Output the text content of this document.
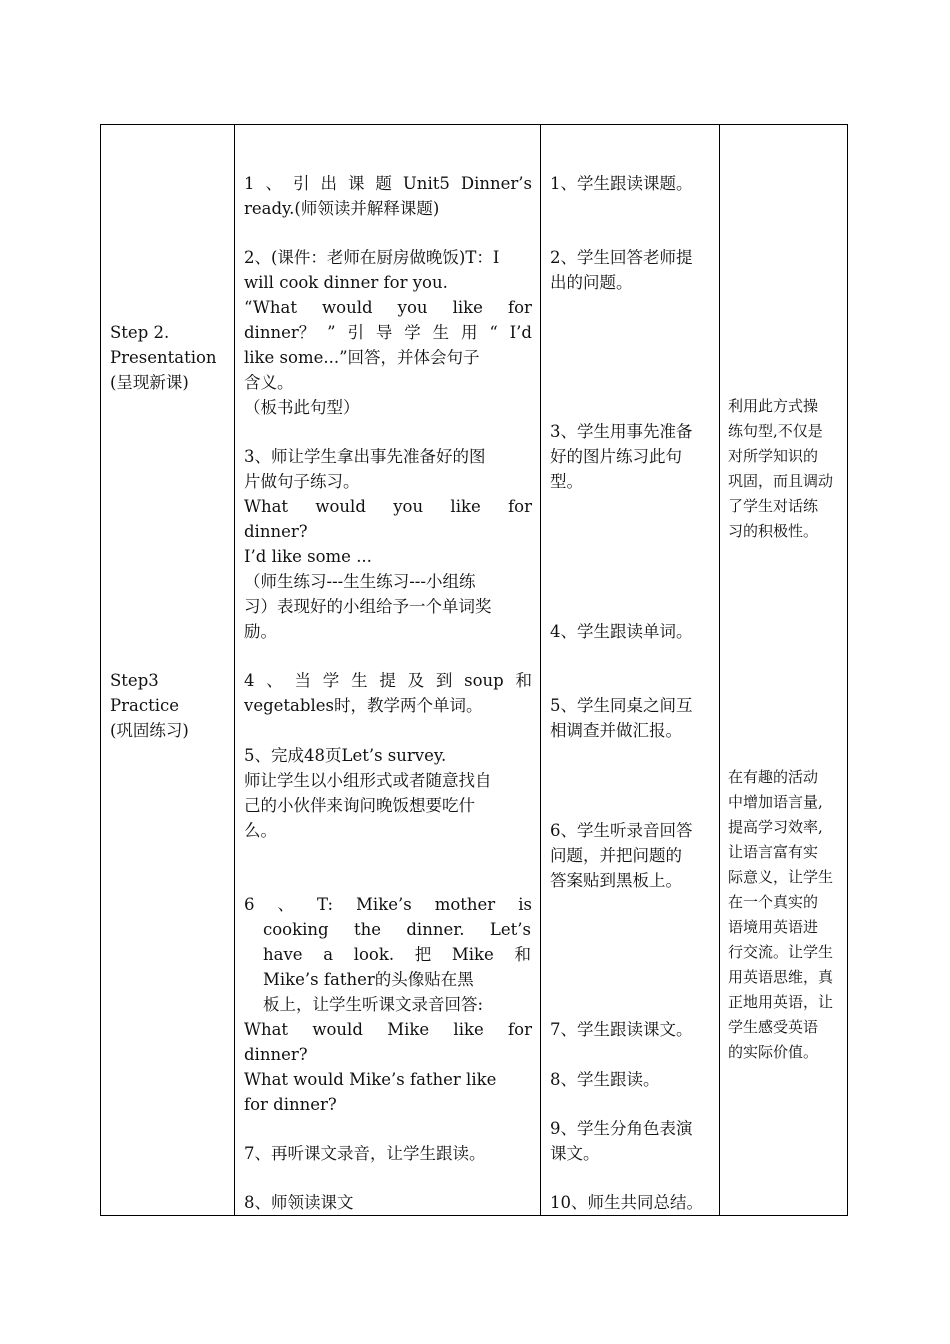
Step 2.
Presentation
(呈现新课)
Step3
Practice
(巩固练习)
1 、 引 出 课 题 Unit5 Dinner’s
ready.(师领读并解释课题)
2、(课件：老师在厨房做晚饭)T：I
will cook dinner for you.
“What would you like for
dinner？ ” 引 导 学 生 用 “ I’d
like some...”回答，并体会句子
含义。
（板书此句型）
3、师让学生拿出事先准备好的图
片做句子练习。
What would you like for
dinner?
I’d like some ...
（师生练习---生生练习---小组练
习）表现好的小组给予一个单词奖
励。
4 、 当 学 生 提 及 到 soup 和
vegetables时，教学两个单词。
5、完成48页Let’s survey.
师让学生以小组形式或者随意找自
己的小伙伴来询问晚饭想要吃什
么。
6 、 T: Mike’s mother is
cooking the dinner. Let’s
have a look. 把 Mike 和
Mike’s father的头像贴在黑
板上，让学生听课文录音回答:
What would Mike like for
dinner?
What would Mike’s father like
for dinner?
7、再听课文录音，让学生跟读。
8、师领读课文
1、学生跟读课题。
2、学生回答老师提
出的问题。
3、学生用事先准备
好的图片练习此句
型。
4、学生跟读单词。
5、学生同桌之间互
相调查并做汇报。
6、学生听录音回答
问题，并把问题的
答案贴到黑板上。
7、学生跟读课文。
8、学生跟读。
9、学生分角色表演
课文。
10、师生共同总结。
利用此方式操
练句型,不仅是
对所学知识的
巩固，而且调动
了学生对话练
习的积极性。
在有趣的活动
中增加语言量,
提高学习效率,
让语言富有实
际意义，让学生
在一个真实的
语境用英语进
行交流。让学生
用英语思维，真
正地用英语，让
学生感受英语
的实际价值。
